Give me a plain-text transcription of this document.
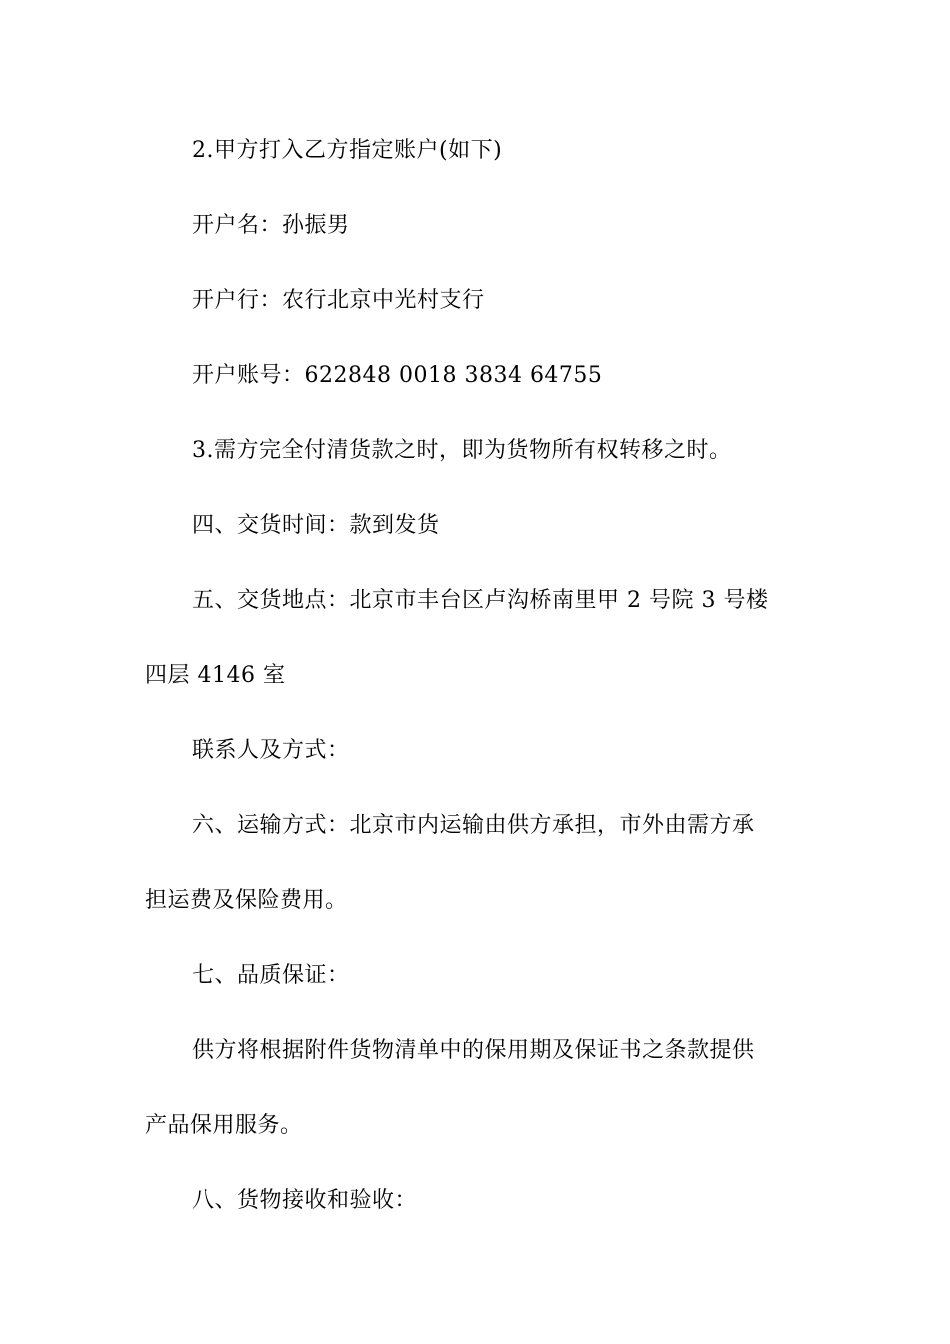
2.甲方打入乙方指定账户(如下)
开户名：孙振男
开户行：农行北京中光村支行
开户账号：622848 0018 3834 64755
3.需方完全付清货款之时，即为货物所有权转移之时。
四、交货时间：款到发货
五、交货地点：北京市丰台区卢沟桥南里甲 2 号院 3 号楼
四层 4146 室
联系人及方式：
六、运输方式：北京市内运输由供方承担，市外由需方承
担运费及保险费用。
七、品质保证：
供方将根据附件货物清单中的保用期及保证书之条款提供
产品保用服务。
八、货物接收和验收：
